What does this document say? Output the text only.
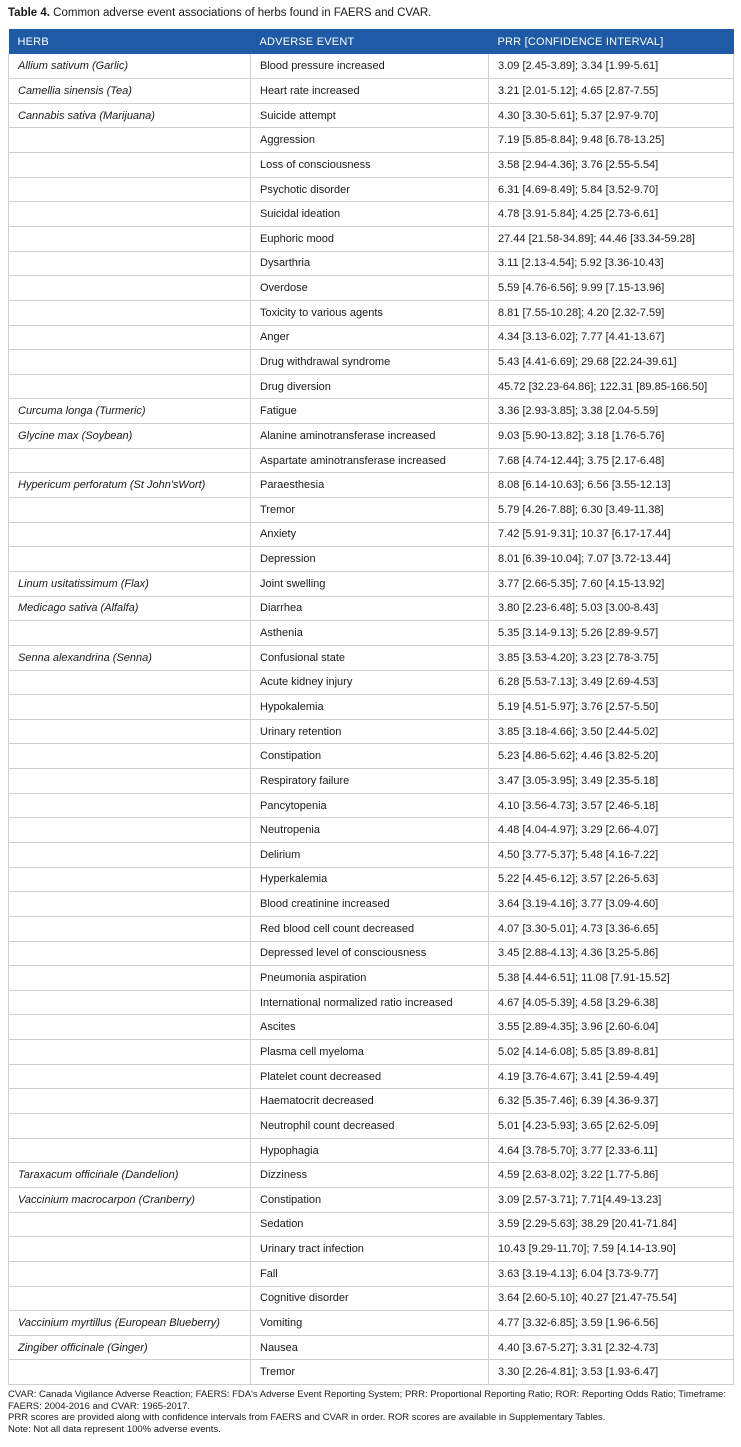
Table 4. Common adverse event associations of herbs found in FAERS and CVAR.
HERB	ADVERSE EVENT	PRR [CONFIDENCE INTERVAL]
Allium sativum (Garlic)	Blood pressure increased	3.09 [2.45-3.89]; 3.34 [1.99-5.61]
Camellia sinensis (Tea)	Heart rate increased	3.21 [2.01-5.12]; 4.65 [2.87-7.55]
Cannabis sativa (Marijuana)	Suicide attempt	4.30 [3.30-5.61]; 5.37 [2.97-9.70]
	Aggression	7.19 [5.85-8.84]; 9.48 [6.78-13.25]
	Loss of consciousness	3.58 [2.94-4.36]; 3.76 [2.55-5.54]
	Psychotic disorder	6.31 [4.69-8.49]; 5.84 [3.52-9.70]
	Suicidal ideation	4.78 [3.91-5.84]; 4.25 [2.73-6.61]
	Euphoric mood	27.44 [21.58-34.89]; 44.46 [33.34-59.28]
	Dysarthria	3.11 [2.13-4.54]; 5.92 [3.36-10.43]
	Overdose	5.59 [4.76-6.56]; 9.99 [7.15-13.96]
	Toxicity to various agents	8.81 [7.55-10.28]; 4.20 [2.32-7.59]
	Anger	4.34 [3.13-6.02]; 7.77 [4.41-13.67]
	Drug withdrawal syndrome	5.43 [4.41-6.69]; 29.68 [22.24-39.61]
	Drug diversion	45.72 [32.23-64.86]; 122.31 [89.85-166.50]
Curcuma longa (Turmeric)	Fatigue	3.36 [2.93-3.85]; 3.38 [2.04-5.59]
Glycine max (Soybean)	Alanine aminotransferase increased	9.03 [5.90-13.82]; 3.18 [1.76-5.76]
	Aspartate aminotransferase increased	7.68 [4.74-12.44]; 3.75 [2.17-6.48]
Hypericum perforatum (St John'sWort)	Paraesthesia	8.08 [6.14-10.63]; 6.56 [3.55-12.13]
	Tremor	5.79 [4.26-7.88]; 6.30 [3.49-11.38]
	Anxiety	7.42 [5.91-9.31]; 10.37 [6.17-17.44]
	Depression	8.01 [6.39-10.04]; 7.07 [3.72-13.44]
Linum usitatissimum (Flax)	Joint swelling	3.77 [2.66-5.35]; 7.60 [4.15-13.92]
Medicago sativa (Alfalfa)	Diarrhea	3.80 [2.23-6.48]; 5.03 [3.00-8.43]
	Asthenia	5.35 [3.14-9.13]; 5.26 [2.89-9.57]
Senna alexandrina (Senna)	Confusional state	3.85 [3.53-4.20]; 3.23 [2.78-3.75]
	Acute kidney injury	6.28 [5.53-7.13]; 3.49 [2.69-4.53]
	Hypokalemia	5.19 [4.51-5.97]; 3.76 [2.57-5.50]
	Urinary retention	3.85 [3.18-4.66]; 3.50 [2.44-5.02]
	Constipation	5.23 [4.86-5.62]; 4.46 [3.82-5.20]
	Respiratory failure	3.47 [3.05-3.95]; 3.49 [2.35-5.18]
	Pancytopenia	4.10 [3.56-4.73]; 3.57 [2.46-5.18]
	Neutropenia	4.48 [4.04-4.97]; 3.29 [2.66-4.07]
	Delirium	4.50 [3.77-5.37]; 5.48 [4.16-7.22]
	Hyperkalemia	5.22 [4.45-6.12]; 3.57 [2.26-5.63]
	Blood creatinine increased	3.64 [3.19-4.16]; 3.77 [3.09-4.60]
	Red blood cell count decreased	4.07 [3.30-5.01]; 4.73 [3.36-6.65]
	Depressed level of consciousness	3.45 [2.88-4.13]; 4.36 [3.25-5.86]
	Pneumonia aspiration	5.38 [4.44-6.51]; 11.08 [7.91-15.52]
	International normalized ratio increased	4.67 [4.05-5.39]; 4.58 [3.29-6.38]
	Ascites	3.55 [2.89-4.35]; 3.96 [2.60-6.04]
	Plasma cell myeloma	5.02 [4.14-6.08]; 5.85 [3.89-8.81]
	Platelet count decreased	4.19 [3.76-4.67]; 3.41 [2.59-4.49]
	Haematocrit decreased	6.32 [5.35-7.46]; 6.39 [4.36-9.37]
	Neutrophil count decreased	5.01 [4.23-5.93]; 3.65 [2.62-5.09]
	Hypophagia	4.64 [3.78-5.70]; 3.77 [2.33-6.11]
Taraxacum officinale (Dandelion)	Dizziness	4.59 [2.63-8.02]; 3.22 [1.77-5.86]
Vaccinium macrocarpon (Cranberry)	Constipation	3.09 [2.57-3.71]; 7.71[4.49-13.23]
	Sedation	3.59 [2.29-5.63]; 38.29 [20.41-71.84]
	Urinary tract infection	10.43 [9.29-11.70]; 7.59 [4.14-13.90]
	Fall	3.63 [3.19-4.13]; 6.04 [3.73-9.77]
	Cognitive disorder	3.64 [2.60-5.10]; 40.27 [21.47-75.54]
Vaccinium myrtillus (European Blueberry)	Vomiting	4.77 [3.32-6.85]; 3.59 [1.96-6.56]
Zingiber officinale (Ginger)	Nausea	4.40 [3.67-5.27]; 3.31 [2.32-4.73]
	Tremor	3.30 [2.26-4.81]; 3.53 [1.93-6.47]
CVAR: Canada Vigilance Adverse Reaction; FAERS: FDA's Adverse Event Reporting System; PRR: Proportional Reporting Ratio; ROR: Reporting Odds Ratio; Timeframe: FAERS: 2004-2016 and CVAR: 1965-2017.
PRR scores are provided along with confidence intervals from FAERS and CVAR in order. ROR scores are available in Supplementary Tables.
Note: Not all data represent 100% adverse events.
